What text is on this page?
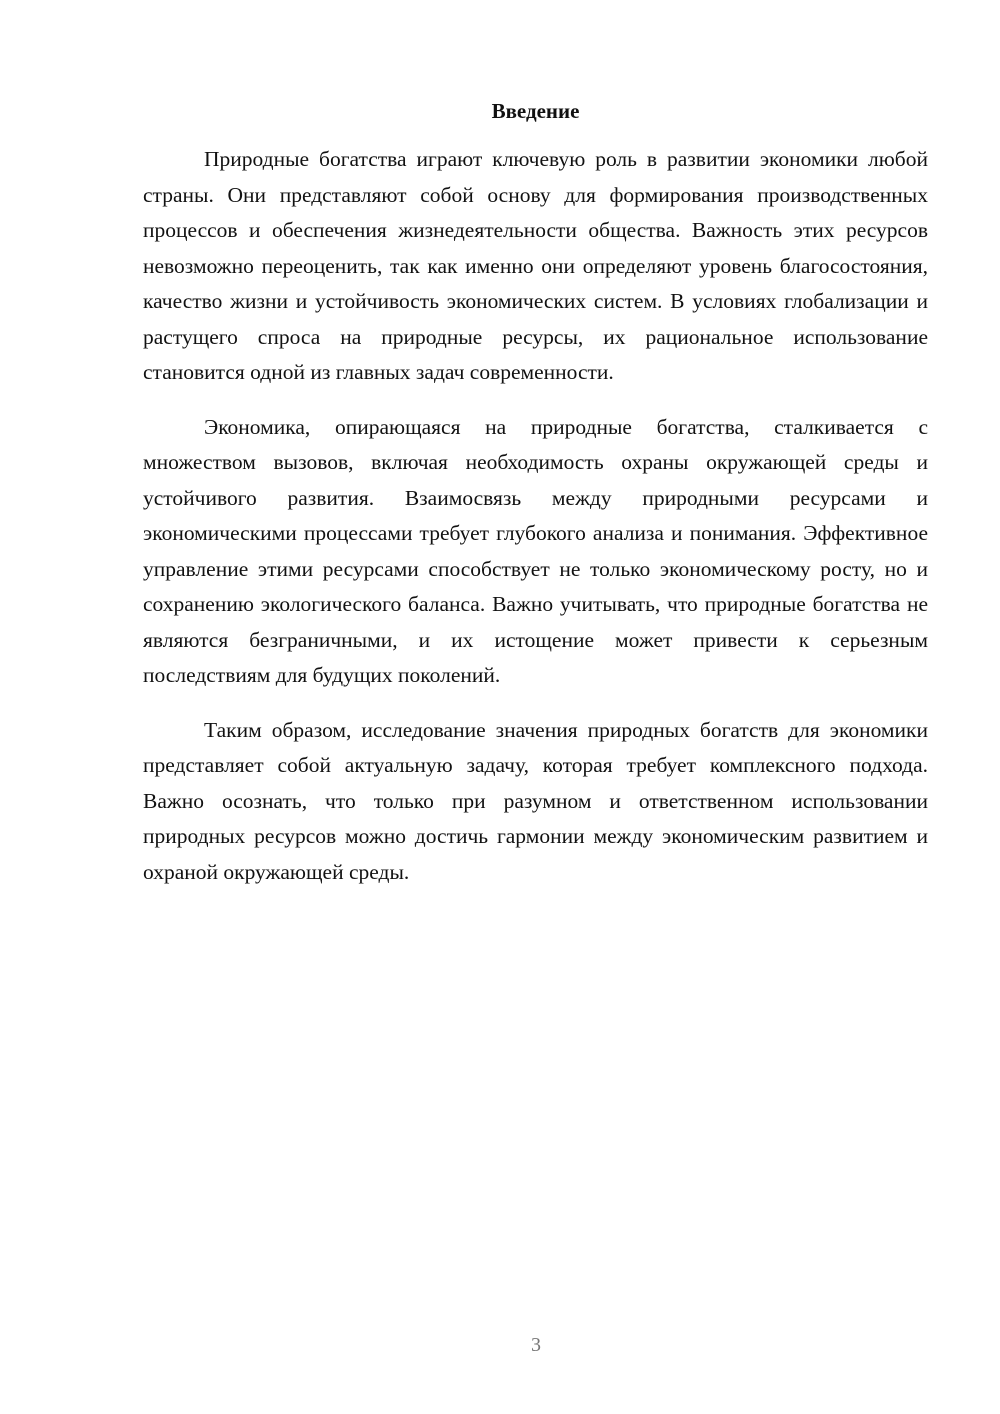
Введение

Природные богатства играют ключевую роль в развитии экономики любой страны. Они представляют собой основу для формирования производственных процессов и обеспечения жизнедеятельности общества. Важность этих ресурсов невозможно переоценить, так как именно они определяют уровень благосостояния, качество жизни и устойчивость экономических систем. В условиях глобализации и растущего спроса на природные ресурсы, их рациональное использование становится одной из главных задач современности.

Экономика, опирающаяся на природные богатства, сталкивается с множеством вызовов, включая необходимость охраны окружающей среды и устойчивого развития. Взаимосвязь между природными ресурсами и экономическими процессами требует глубокого анализа и понимания. Эффективное управление этими ресурсами способствует не только экономическому росту, но и сохранению экологического баланса. Важно учитывать, что природные богатства не являются безграничными, и их истощение может привести к серьезным последствиям для будущих поколений.

Таким образом, исследование значения природных богатств для экономики представляет собой актуальную задачу, которая требует комплексного подхода. Важно осознать, что только при разумном и ответственном использовании природных ресурсов можно достичь гармонии между экономическим развитием и охраной окружающей среды.

3
